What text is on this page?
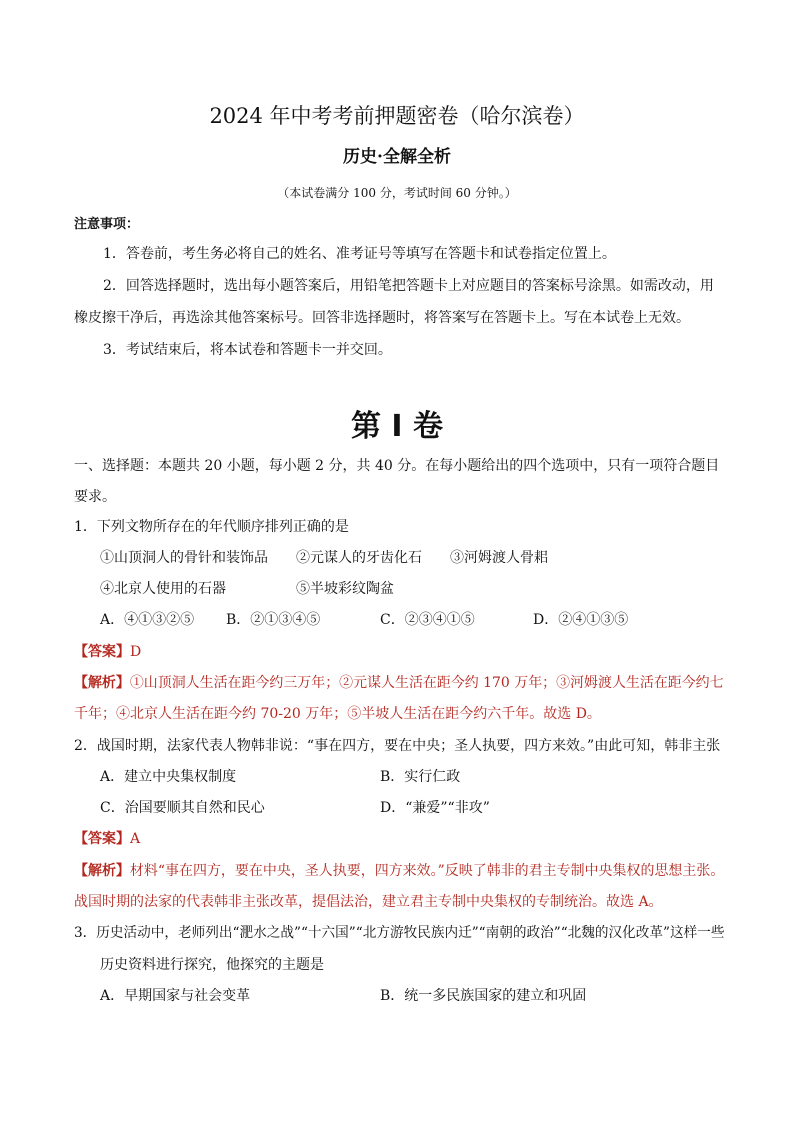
2024 年中考考前押题密卷（哈尔滨卷）
历史·全解全析
（本试卷满分 100 分，考试时间 60 分钟。）
注意事项：
1．答卷前，考生务必将自己的姓名、准考证号等填写在答题卡和试卷指定位置上。
2．回答选择题时，选出每小题答案后，用铅笔把答题卡上对应题目的答案标号涂黑。如需改动，用
橡皮擦干净后，再选涂其他答案标号。回答非选择题时，将答案写在答题卡上。写在本试卷上无效。
3．考试结束后，将本试卷和答题卡一并交回。
第 I 卷
一、选择题：本题共 20 小题，每小题 2 分，共 40 分。在每小题给出的四个选项中，只有一项符合题目
要求。
1．下列文物所存在的年代顺序排列正确的是
①山顶洞人的骨针和装饰品　　②元谋人的牙齿化石　　③河姆渡人骨耜
④北京人使用的石器　　　　　⑤半坡彩纹陶盆
A．④①③②⑤ B．②①③④⑤	C．②③④①⑤	D．②④①③⑤
【答案】D
【解析】①山顶洞人生活在距今约三万年；②元谋人生活在距今约 170 万年；③河姆渡人生活在距今约七
千年；④北京人生活在距今约 70-20 万年；⑤半坡人生活在距今约六千年。故选 D。
2．战国时期，法家代表人物韩非说：“事在四方，要在中央；圣人执要，四方来效。”由此可知，韩非主张
A．建立中央集权制度	B．实行仁政
C．治国要顺其自然和民心	D．“兼爱”“非攻”
【答案】A
【解析】材料“事在四方，要在中央，圣人执要，四方来效。”反映了韩非的君主专制中央集权的思想主张。
战国时期的法家的代表韩非主张改革，提倡法治，建立君主专制中央集权的专制统治。故选 A。
3．历史活动中，老师列出“淝水之战”“十六国”“北方游牧民族内迁”“南朝的政治”“北魏的汉化改革”这样一些
历史资料进行探究，他探究的主题是
A．早期国家与社会变革	B．统一多民族国家的建立和巩固
